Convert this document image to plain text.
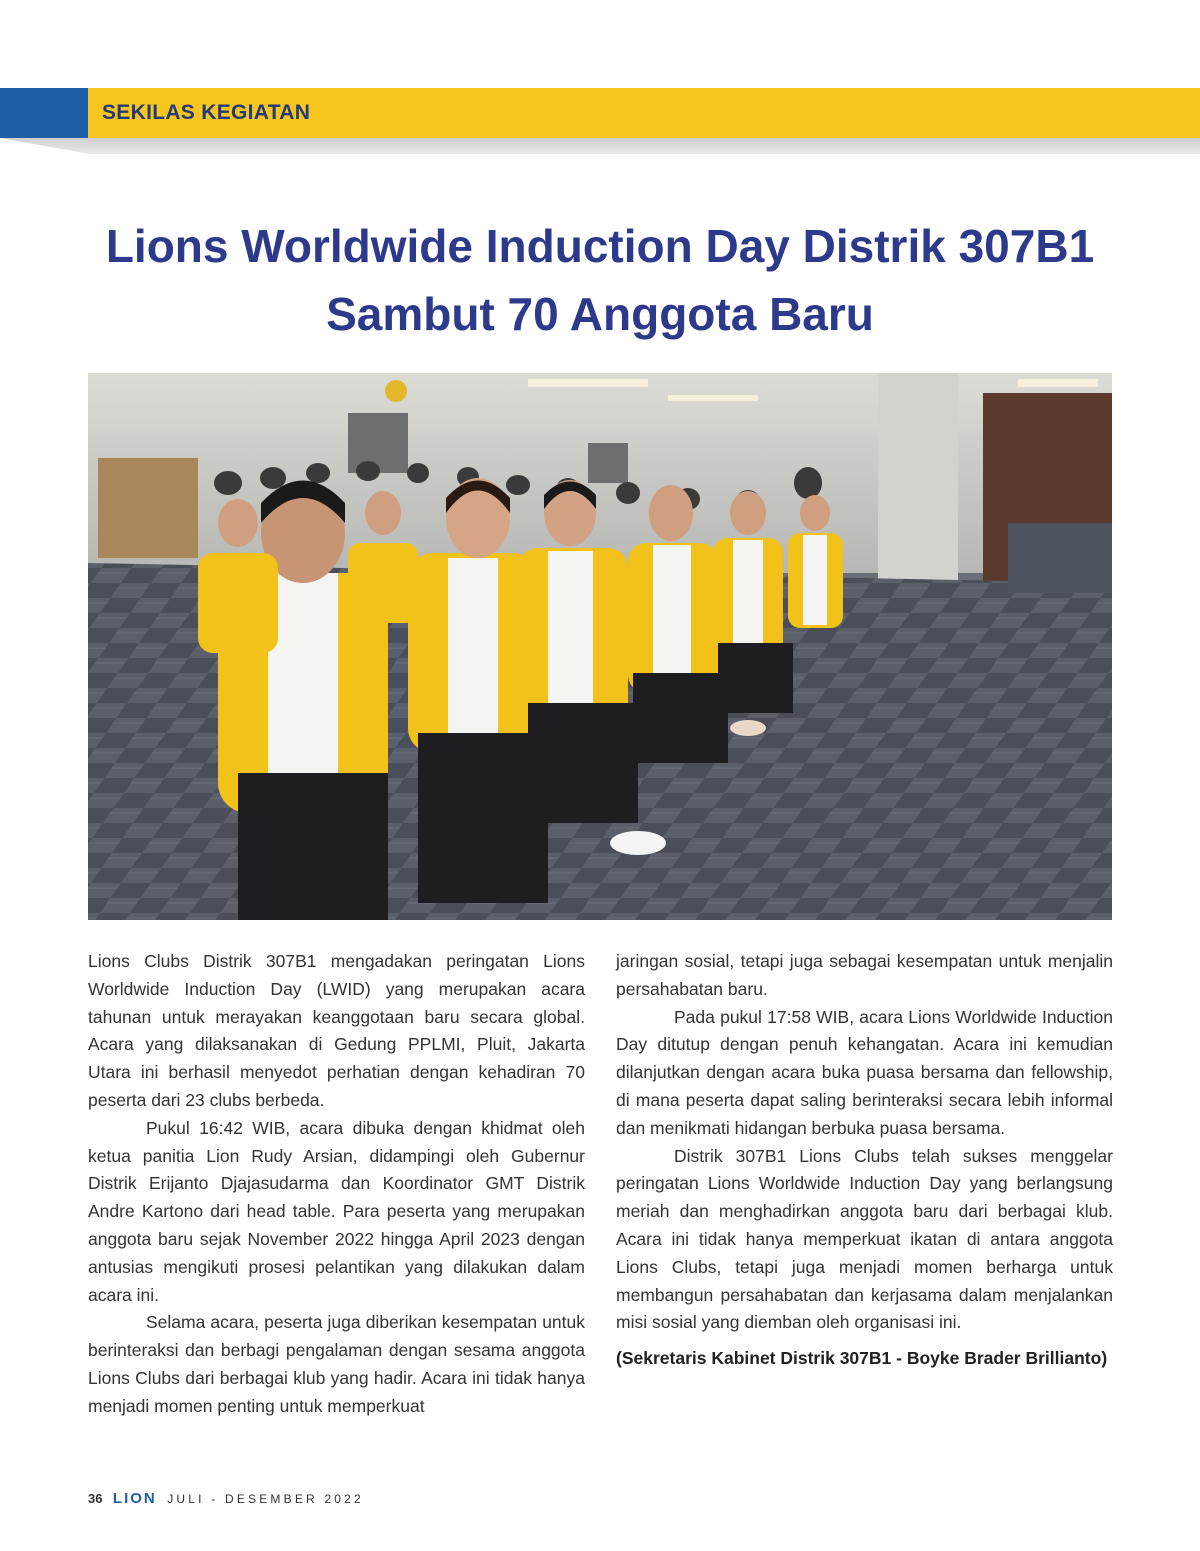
SEKILAS KEGIATAN
Lions Worldwide Induction Day Distrik 307B1
Sambut 70 Anggota Baru

Lions Clubs Distrik 307B1 mengadakan peringatan Lions Worldwide Induction Day (LWID) yang merupakan acara tahunan untuk merayakan keanggotaan baru secara global. Acara yang dilaksanakan di Gedung PPLMI, Pluit, Jakarta Utara ini berhasil menyedot perhatian dengan kehadiran 70 peserta dari 23 clubs berbeda.

Pukul 16:42 WIB, acara dibuka dengan khidmat oleh ketua panitia Lion Rudy Arsian, didampingi oleh Gubernur Distrik Erijanto Djajasudarma dan Koordinator GMT Distrik Andre Kartono dari head table. Para peserta yang merupakan anggota baru sejak November 2022 hingga April 2023 dengan antusias mengikuti prosesi pelantikan yang dilakukan dalam acara ini.

Selama acara, peserta juga diberikan kesempatan untuk berinteraksi dan berbagi pengalaman dengan sesama anggota Lions Clubs dari berbagai klub yang hadir. Acara ini tidak hanya menjadi momen penting untuk memperkuat

jaringan sosial, tetapi juga sebagai kesempatan untuk menjalin persahabatan baru.

Pada pukul 17:58 WIB, acara Lions Worldwide Induction Day ditutup dengan penuh kehangatan. Acara ini kemudian dilanjutkan dengan acara buka puasa bersama dan fellowship, di mana peserta dapat saling berinteraksi secara lebih informal dan menikmati hidangan berbuka puasa bersama.

Distrik 307B1 Lions Clubs telah sukses menggelar peringatan Lions Worldwide Induction Day yang berlangsung meriah dan menghadirkan anggota baru dari berbagai klub. Acara ini tidak hanya memperkuat ikatan di antara anggota Lions Clubs, tetapi juga menjadi momen berharga untuk membangun persahabatan dan kerjasama dalam menjalankan misi sosial yang diemban oleh organisasi ini.

(Sekretaris Kabinet Distrik 307B1 - Boyke Brader Brillianto)

36 LION JULI - DESEMBER 2022
